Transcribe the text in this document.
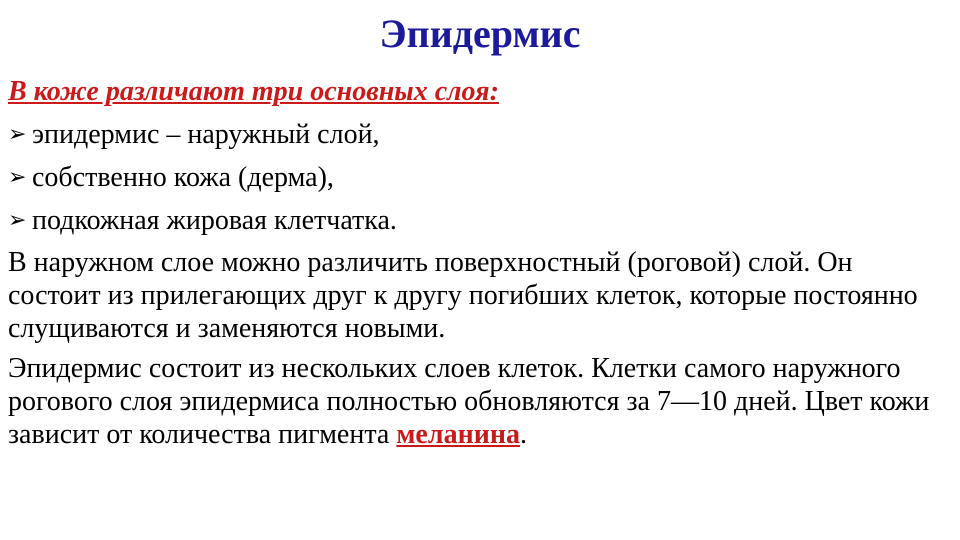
Эпидермис
В коже различают три основных слоя:
➢ эпидермис – наружный слой,
➢ собственно кожа (дерма),
➢ подкожная жировая клетчатка.
В наружном слое можно различить поверхностный (роговой) слой. Он состоит из прилегающих друг к другу погибших клеток, которые постоянно слущиваются и заменяются новыми.
Эпидермис состоит из нескольких слоев клеток. Клетки самого наружного рогового слоя эпидермиса полностью обновляются за 7—10 дней. Цвет кожи зависит от количества пигмента меланина.
